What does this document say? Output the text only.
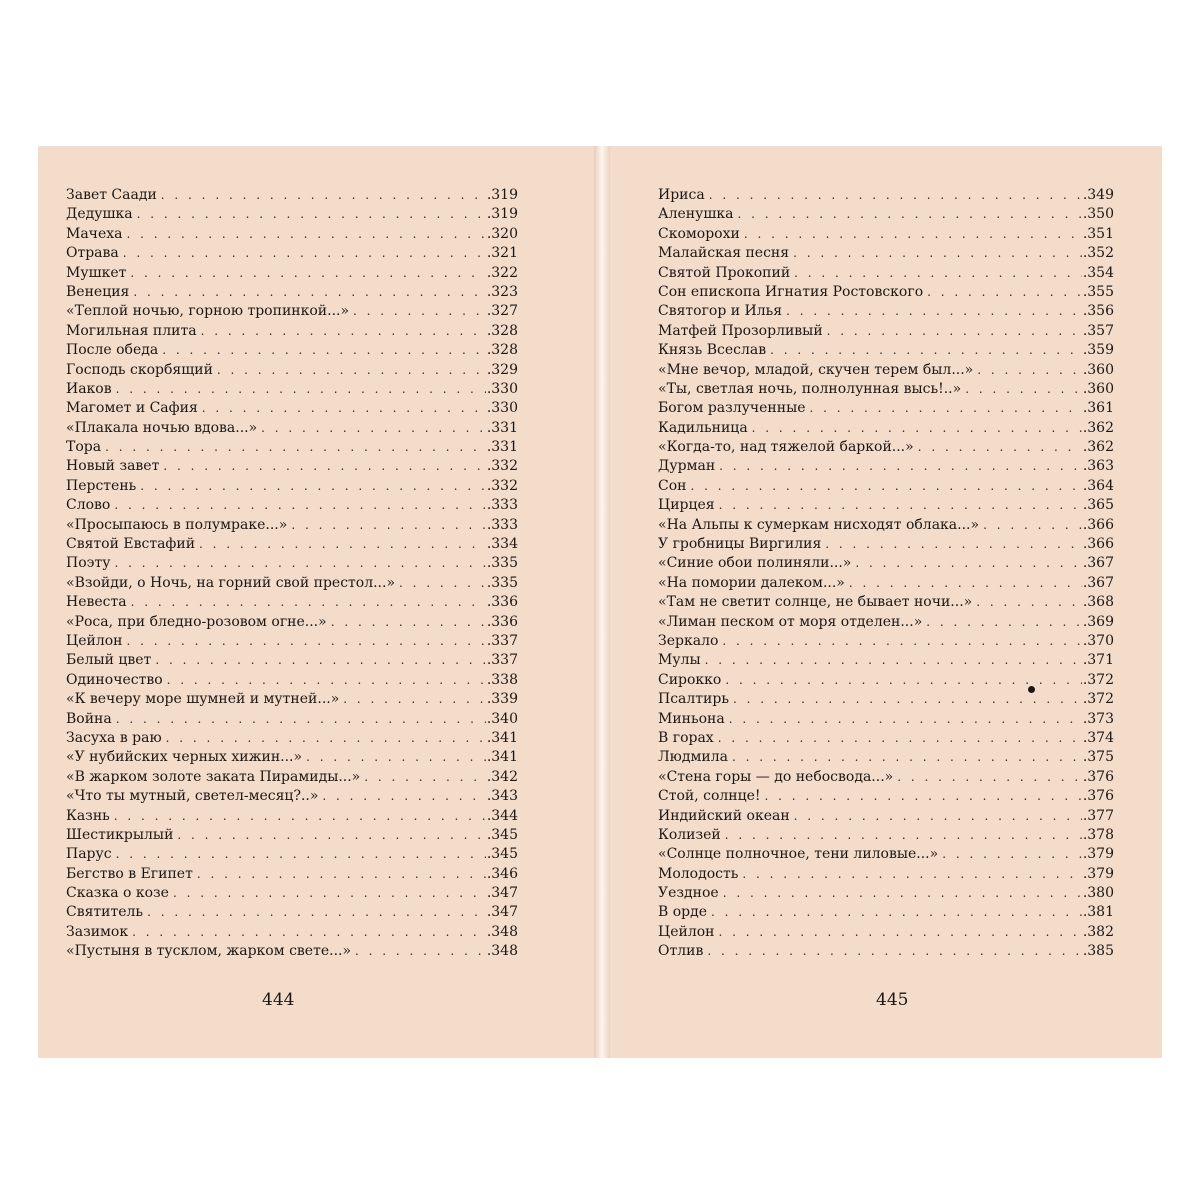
Завет Саади . . .	.319
Дедушка . . .	.319
Мачеха . . .	.320
Отрава . . .	.321
Мушкет . . .	.322
Венеция . . .	.323
«Теплой ночью, горною тропинкой...» . . .	.327
Могильная плита . . .	.328
После обеда . . .	.328
Господь скорбящий . . .	.329
Иаков . . .	.330
Магомет и Сафия . . .	.330
«Плакала ночью вдова...» . . .	.331
Тора . . .	.331
Новый завет . . .	.332
Перстень . . .	.332
Слово . . .	.333
«Просыпаюсь в полумраке...» . . .	.333
Святой Евстафий . . .	.334
Поэту . . .	.335
«Взойди, о Ночь, на горний свой престол...» . . .	.335
Невеста . . .	.336
«Роса, при бледно-розовом огне...» . . .	.336
Цейлон . . .	.337
Белый цвет . . .	.337
Одиночество . . .	.338
«К вечеру море шумней и мутней...» . . .	.339
Война . . .	.340
Засуха в раю . . .	.341
«У нубийских черных хижин...» . . .	.341
«В жарком золоте заката Пирамиды...» . . .	.342
«Что ты мутный, светел-месяц?..» . . .	.343
Казнь . . .	.344
Шестикрылый . . .	.345
Парус . . .	.345
Бегство в Египет . . .	.346
Сказка о козе . . .	.347
Святитель . . .	.347
Зазимок . . .	.348
«Пустыня в тусклом, жарком свете...» . . .	.348
Ириса . . .	.349
Аленушка . . .	.350
Скоморохи . . .	.351
Малайская песня . . .	.352
Святой Прокопий . . .	.354
Сон епископа Игнатия Ростовского . . .	.355
Святогор и Илья . . .	.356
Матфей Прозорливый . . .	.357
Князь Всеслав . . .	.359
«Мне вечор, младой, скучен терем был...» . . .	.360
«Ты, светлая ночь, полнолунная высь!..» . . .	.360
Богом разлученные . . .	.361
Кадильница . . .	.362
«Когда-то, над тяжелой баркой...» . . .	.362
Дурман . . .	.363
Сон . . .	.364
Цирцея . . .	.365
«На Альпы к сумеркам нисходят облака...» . . .	.366
У гробницы Виргилия . . .	.366
«Синие обои полиняли...» . . .	.367
«На помории далеком...» . . .	.367
«Там не светит солнце, не бывает ночи...» . . .	.368
«Лиман песком от моря отделен...» . . .	.369
Зеркало . . .	.370
Мулы . . .	.371
Сирокко . . .	.372
Псалтирь . . .	.372
Миньона . . .	.373
В горах . . .	.374
Людмила . . .	.375
«Стена горы — до небосвода...» . . .	.376
Стой, солнце! . . .	.376
Индийский океан . . .	.377
Колизей . . .	.378
«Солнце полночное, тени лиловые...» . . .	.379
Молодость . . .	.379
Уездное . . .	.380
В орде . . .	.381
Цейлон . . .	.382
Отлив . . .	.385
444	445
